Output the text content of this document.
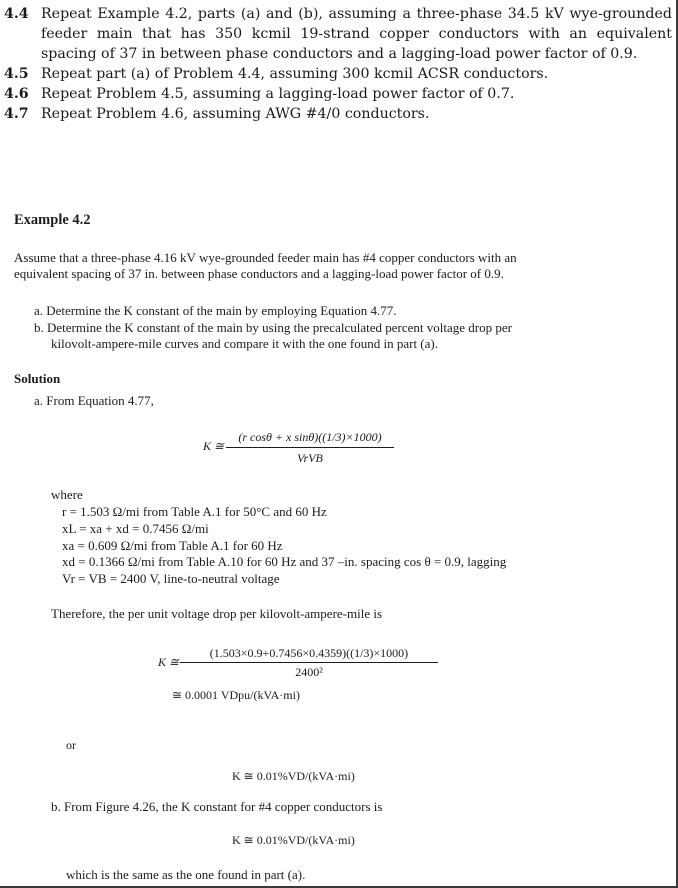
4.4 Repeat Example 4.2, parts (a) and (b), assuming a three-phase 34.5 kV wye-grounded feeder main that has 350 kcmil 19-strand copper conductors with an equivalent spacing of 37 in between phase conductors and a lagging-load power factor of 0.9.
4.5 Repeat part (a) of Problem 4.4, assuming 300 kcmil ACSR conductors.
4.6 Repeat Problem 4.5, assuming a lagging-load power factor of 0.7.
4.7 Repeat Problem 4.6, assuming AWG #4/0 conductors.
Example 4.2
Assume that a three-phase 4.16 kV wye-grounded feeder main has #4 copper conductors with an
equivalent spacing of 37 in. between phase conductors and a lagging-load power factor of 0.9.
a. Determine the K constant of the main by employing Equation 4.77.
b. Determine the K constant of the main by using the precalculated percent voltage drop per
kilovolt-ampere-mile curves and compare it with the one found in part (a).
Solution
a. From Equation 4.77,
K ≅
(r cosθ + x sinθ)((1/3)×1000)
VrVB
where
r = 1.503 Ω/mi from Table A.1 for 50°C and 60 Hz
xL = xa + xd = 0.7456 Ω/mi
xa = 0.609 Ω/mi from Table A.1 for 60 Hz
xd = 0.1366 Ω/mi from Table A.10 for 60 Hz and 37 –in. spacing cos θ = 0.9, lagging
Vr = VB = 2400 V, line-to-neutral voltage
Therefore, the per unit voltage drop per kilovolt-ampere-mile is
K ≅
(1.503×0.9+0.7456×0.4359)((1/3)×1000)
2400²
≅ 0.0001 VDpu/(kVA·mi)
or
K ≅ 0.01%VD/(kVA·mi)
b. From Figure 4.26, the K constant for #4 copper conductors is
K ≅ 0.01%VD/(kVA·mi)
which is the same as the one found in part (a).
